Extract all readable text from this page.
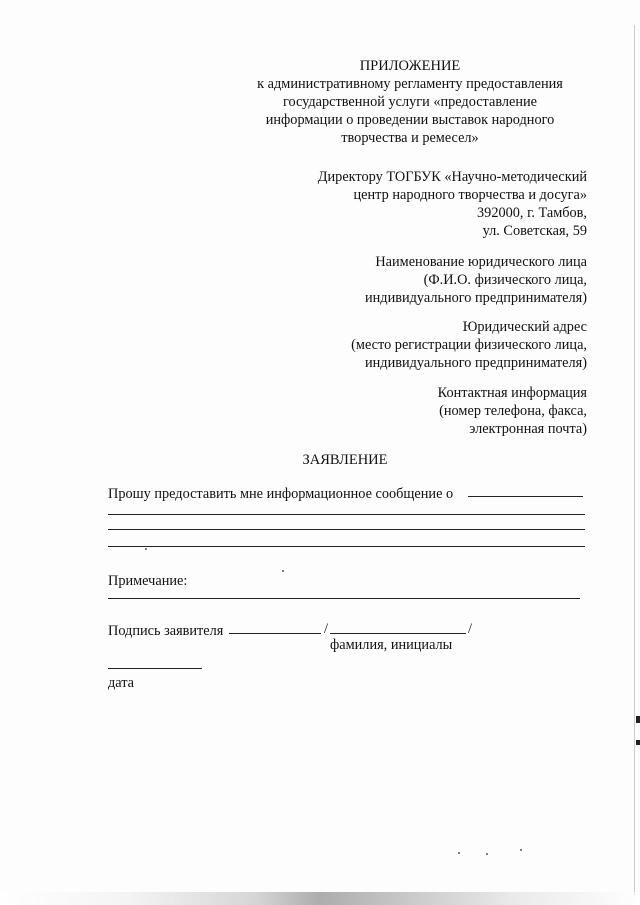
ПРИЛОЖЕНИЕ
к административному регламенту предоставления
государственной услуги «предоставление
информации о проведении выставок народного
творчества и ремесел»
Директору ТОГБУК «Научно-методический
центр народного творчества и досуга»
392000, г. Тамбов,
ул. Советская, 59
Наименование юридического лица
(Ф.И.О. физического лица,
индивидуального предпринимателя)
Юридический адрес
(место регистрации физического лица,
индивидуального предпринимателя)
Контактная информация
(номер телефона, факса,
электронная почта)
ЗАЯВЛЕНИЕ
Прошу предоставить мне информационное сообщение о
Примечание:
Подпись заявителя	/	/
фамилия, инициалы
дата
